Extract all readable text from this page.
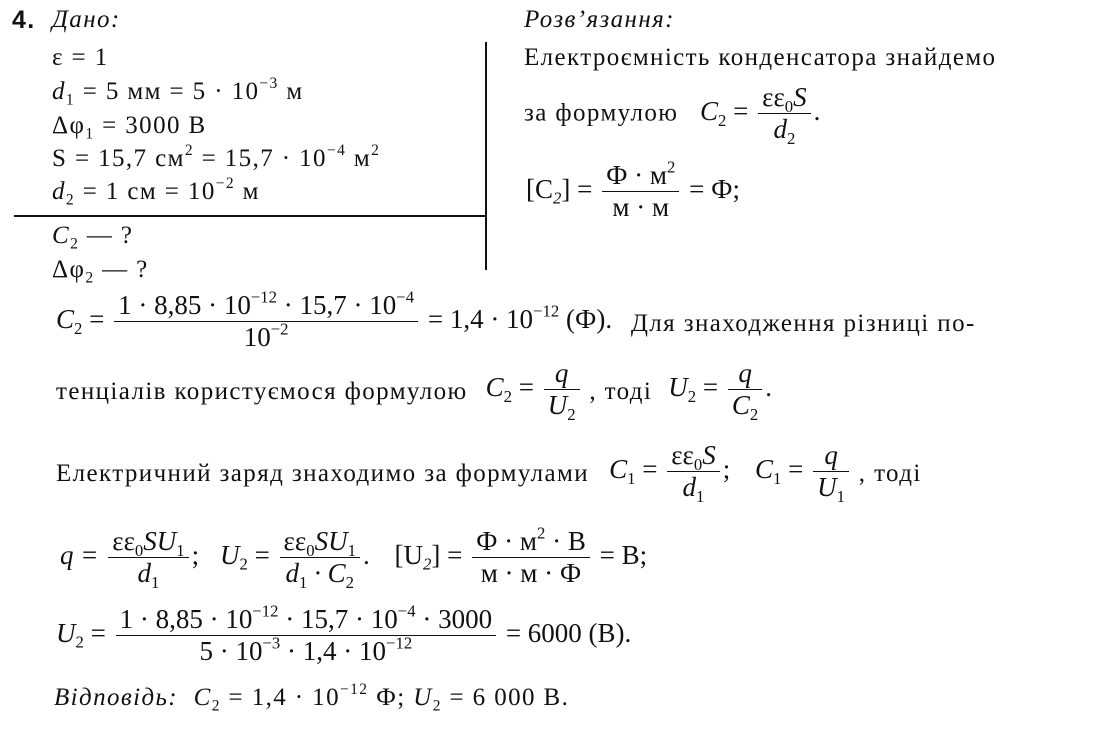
4. Дано:	Розв’язання:
ε = 1
$d_1 = 5$ мм = $5 \cdot 10^{-3}$ м
$\Delta\varphi_1 = 3000$ В
S = 15,7 $см^2 = 15,7 \cdot 10^{-4}$ $м^2$
$d_2 = 1$ см = $10^{-2}$ м
$C_2$ — ?
$\Delta\varphi_2$ — ?
Електроємність конденсатора знайдемо
за формулою $C_2 = \frac{\varepsilon\varepsilon_0S}{d_2}$ .
$[C_2] = \frac{Ф \cdot м^2}{м \cdot м} = Ф$;
$C_2 = \frac{1 \cdot 8,85 \cdot 10^{-12} \cdot 15,7 \cdot 10^{-4}}{10^{-2}} = 1,4 \cdot 10^{-12}$ (Ф). Для знаходження різниці по-
тенціалів користуємося формулою $C_2 = \frac{q}{U_2}$ , тоді $U_2 = \frac{q}{C_2}$ .
Електричний заряд знаходимо за формулами $C_1 = \frac{\varepsilon\varepsilon_0S}{d_1}$ ; $C_1 = \frac{q}{U_1}$ , тоді
$q = \frac{\varepsilon\varepsilon_0SU_1}{d_1}$ ; $U_2 = \frac{\varepsilon\varepsilon_0SU_1}{d_1 \cdot C_2}$ . $[U_2] = \frac{Ф \cdot м^2 \cdot В}{м \cdot м \cdot Ф} = В$;
$U_2 = \frac{1 \cdot 8,85 \cdot 10^{-12} \cdot 15,7 \cdot 10^{-4} \cdot 3000}{5 \cdot 10^{-3} \cdot 1,4 \cdot 10^{-12}} = 6000$ (В).
Відповідь: $C_2 = 1,4 \cdot 10^{-12}$ Ф; $U_2 = 6$ 000 В.
